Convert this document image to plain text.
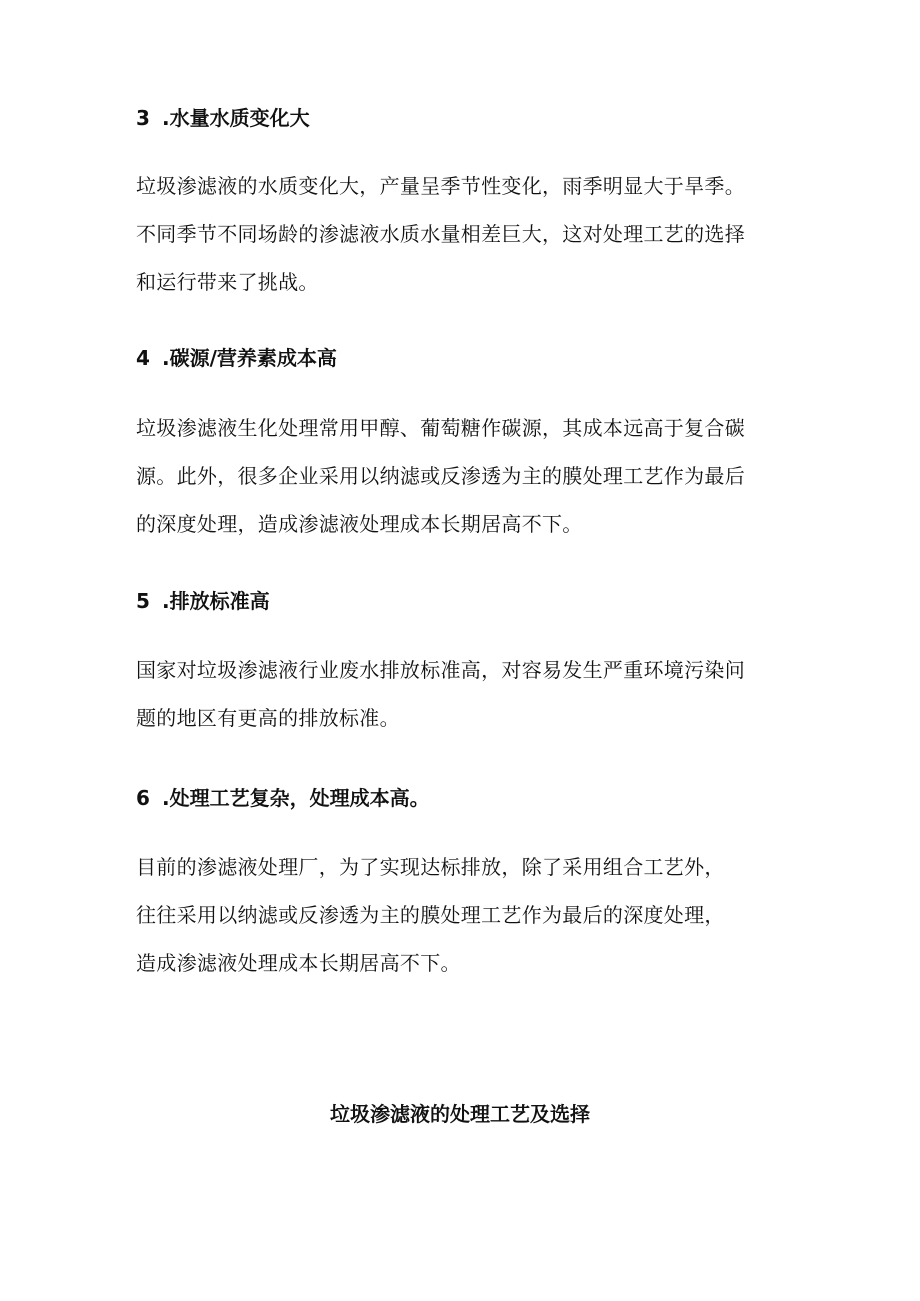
3 .水量水质变化大
垃圾渗滤液的水质变化大，产量呈季节性变化，雨季明显大于旱季。
不同季节不同场龄的渗滤液水质水量相差巨大，这对处理工艺的选择
和运行带来了挑战。
4 .碳源/营养素成本高
垃圾渗滤液生化处理常用甲醇、葡萄糖作碳源，其成本远高于复合碳
源。此外，很多企业采用以纳滤或反渗透为主的膜处理工艺作为最后
的深度处理，造成渗滤液处理成本长期居高不下。
5 .排放标准高
国家对垃圾渗滤液行业废水排放标准高，对容易发生严重环境污染问
题的地区有更高的排放标准。
6 .处理工艺复杂，处理成本高。
目前的渗滤液处理厂，为了实现达标排放，除了采用组合工艺外，
往往采用以纳滤或反渗透为主的膜处理工艺作为最后的深度处理，
造成渗滤液处理成本长期居高不下。
垃圾渗滤液的处理工艺及选择
